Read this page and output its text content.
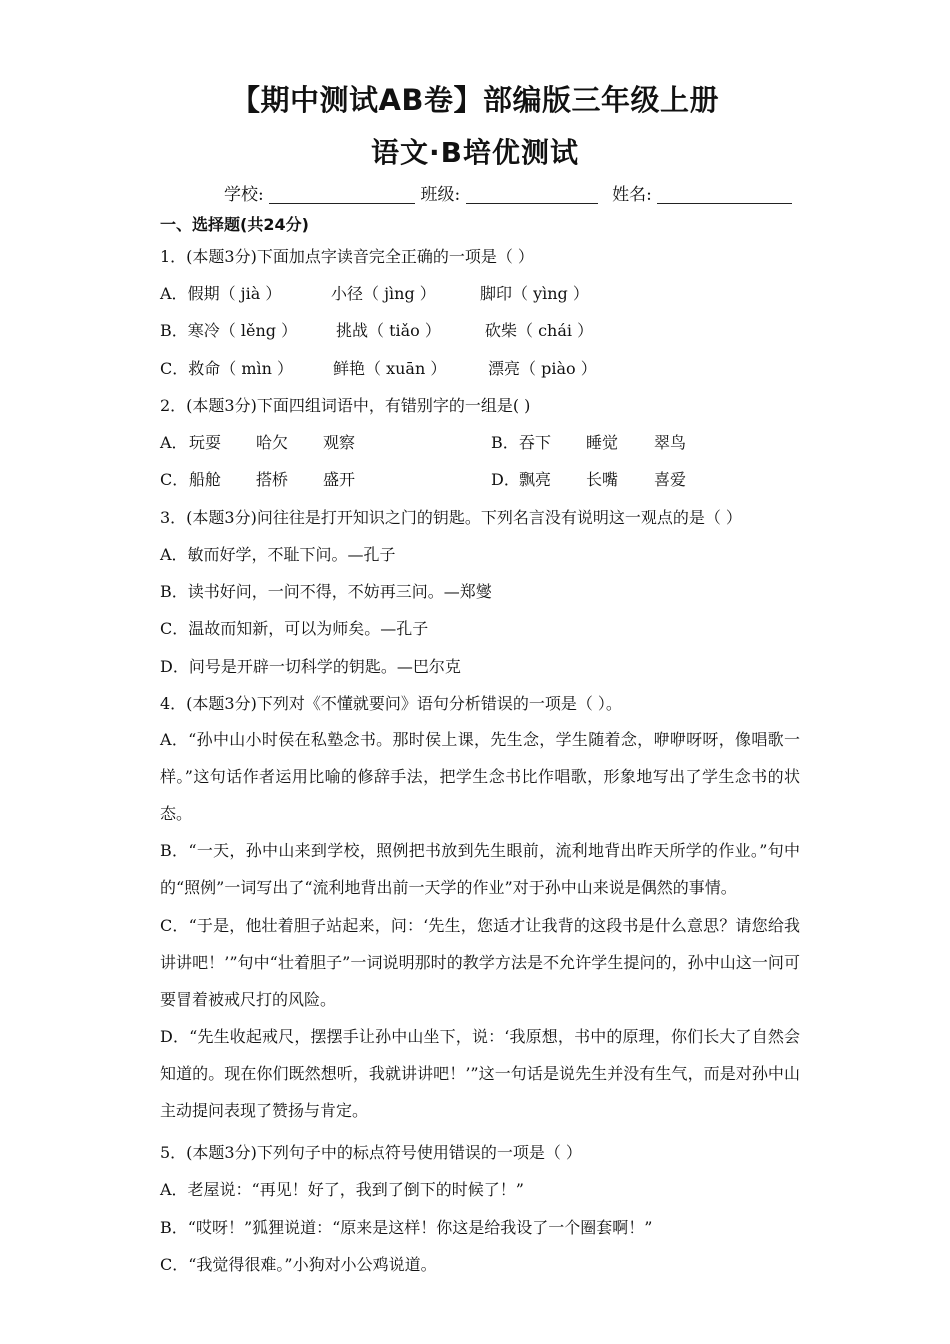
【期中测试AB卷】部编版三年级上册
语文·B培优测试
学校:	班级:	姓名:
一、选择题(共24分)
1．(本题3分)下面加点字读音完全正确的一项是（ ）
A．假期（ jià ）	小径（ jìng ）	脚印（ yìng ）
B．寒冷（ lěng ） 挑战（ tiǎo ）	砍柴（ chái ）
C．救命（ mìn ） 鲜艳（ xuān ）	漂亮（ piào ）
2．(本题3分)下面四组词语中，有错别字的一组是( )
A． 玩耍 哈欠 观察	B． 吞下 睡觉 翠鸟
C． 船舱 搭桥 盛开	D． 飘亮 长嘴 喜爱
3．(本题3分)问往往是打开知识之门的钥匙。下列名言没有说明这一观点的是（ ）
A．敏而好学，不耻下问。—孔子
B．读书好问，一问不得，不妨再三问。—郑燮
C．温故而知新，可以为师矣。—孔子
D．问号是开辟一切科学的钥匙。—巴尔克
4．(本题3分)下列对《不懂就要问》语句分析错误的一项是（ ）。
A．“孙中山小时侯在私塾念书。那时侯上课，先生念，学生随着念，咿咿呀呀，像唱歌一样。”这句话作者运用比喻的修辞手法，把学生念书比作唱歌，形象地写出了学生念书的状态。
B．“一天，孙中山来到学校，照例把书放到先生眼前，流利地背出昨天所学的作业。”句中的“照例”一词写出了“流利地背出前一天学的作业”对于孙中山来说是偶然的事情。
C．“于是，他壮着胆子站起来，问：‘先生，您适才让我背的这段书是什么意思？请您给我讲讲吧！’”句中“壮着胆子”一词说明那时的教学方法是不允许学生提问的，孙中山这一问可要冒着被戒尺打的风险。
D．“先生收起戒尺，摆摆手让孙中山坐下，说：‘我原想，书中的原理，你们长大了自然会知道的。现在你们既然想听，我就讲讲吧！’”这一句话是说先生并没有生气，而是对孙中山主动提问表现了赞扬与肯定。
5．(本题3分)下列句子中的标点符号使用错误的一项是（ ）
A．老屋说：“再见！好了，我到了倒下的时候了！”
B．“哎呀！”狐狸说道：“原来是这样！你这是给我设了一个圈套啊！”
C．“我觉得很难。”小狗对小公鸡说道。
